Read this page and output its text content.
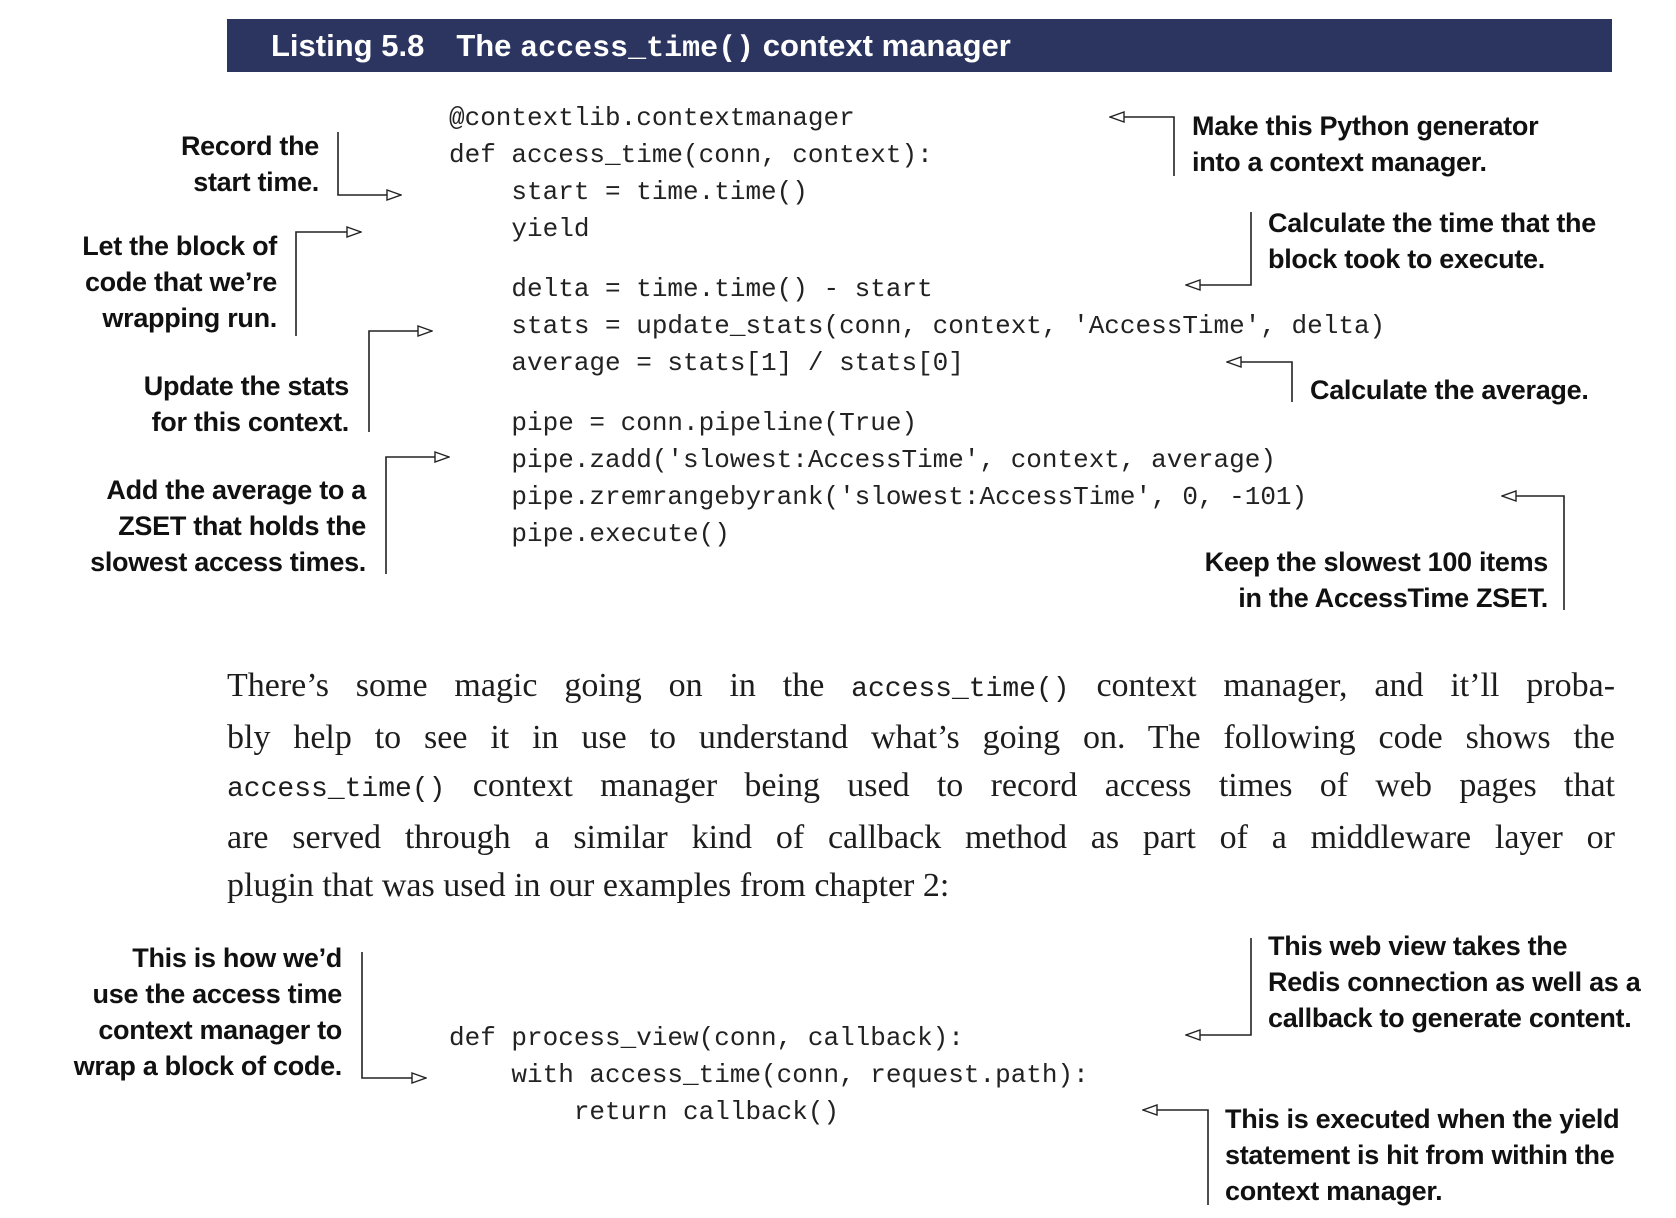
Listing 5.8 The access_time() context manager
@contextlib.contextmanager
def access_time(conn, context):
start = time.time()
yield
delta = time.time() - start
stats = update_stats(conn, context, 'AccessTime', delta)
average = stats[1] / stats[0]
pipe = conn.pipeline(True)
pipe.zadd('slowest:AccessTime', context, average)
pipe.zremrangebyrank('slowest:AccessTime', 0, -101)
pipe.execute()
Record the
start time.
Make this Python generator
into a context manager.
Let the block of
code that we’re
wrapping run.
Calculate the time that the
block took to execute.
Update the stats
for this context.
Calculate the average.
Add the average to a
ZSET that holds the
slowest access times.	Keep the slowest 100 items
in the AccessTime ZSET.
There’s some magic going on in the access_time() context manager, and it’ll proba-
bly help to see it in use to understand what’s going on. The following code shows the
access_time() context manager being used to record access times of web pages that
are served through a similar kind of callback method as part of a middleware layer or
plugin that was used in our examples from chapter 2:
def process_view(conn, callback):
with access_time(conn, request.path):
return callback()
This is how we’d
use the access time
context manager to
wrap a block of code.
This web view takes the
Redis connection as well as a
callback to generate content.
This is executed when the yield
statement is hit from within the
context manager.
